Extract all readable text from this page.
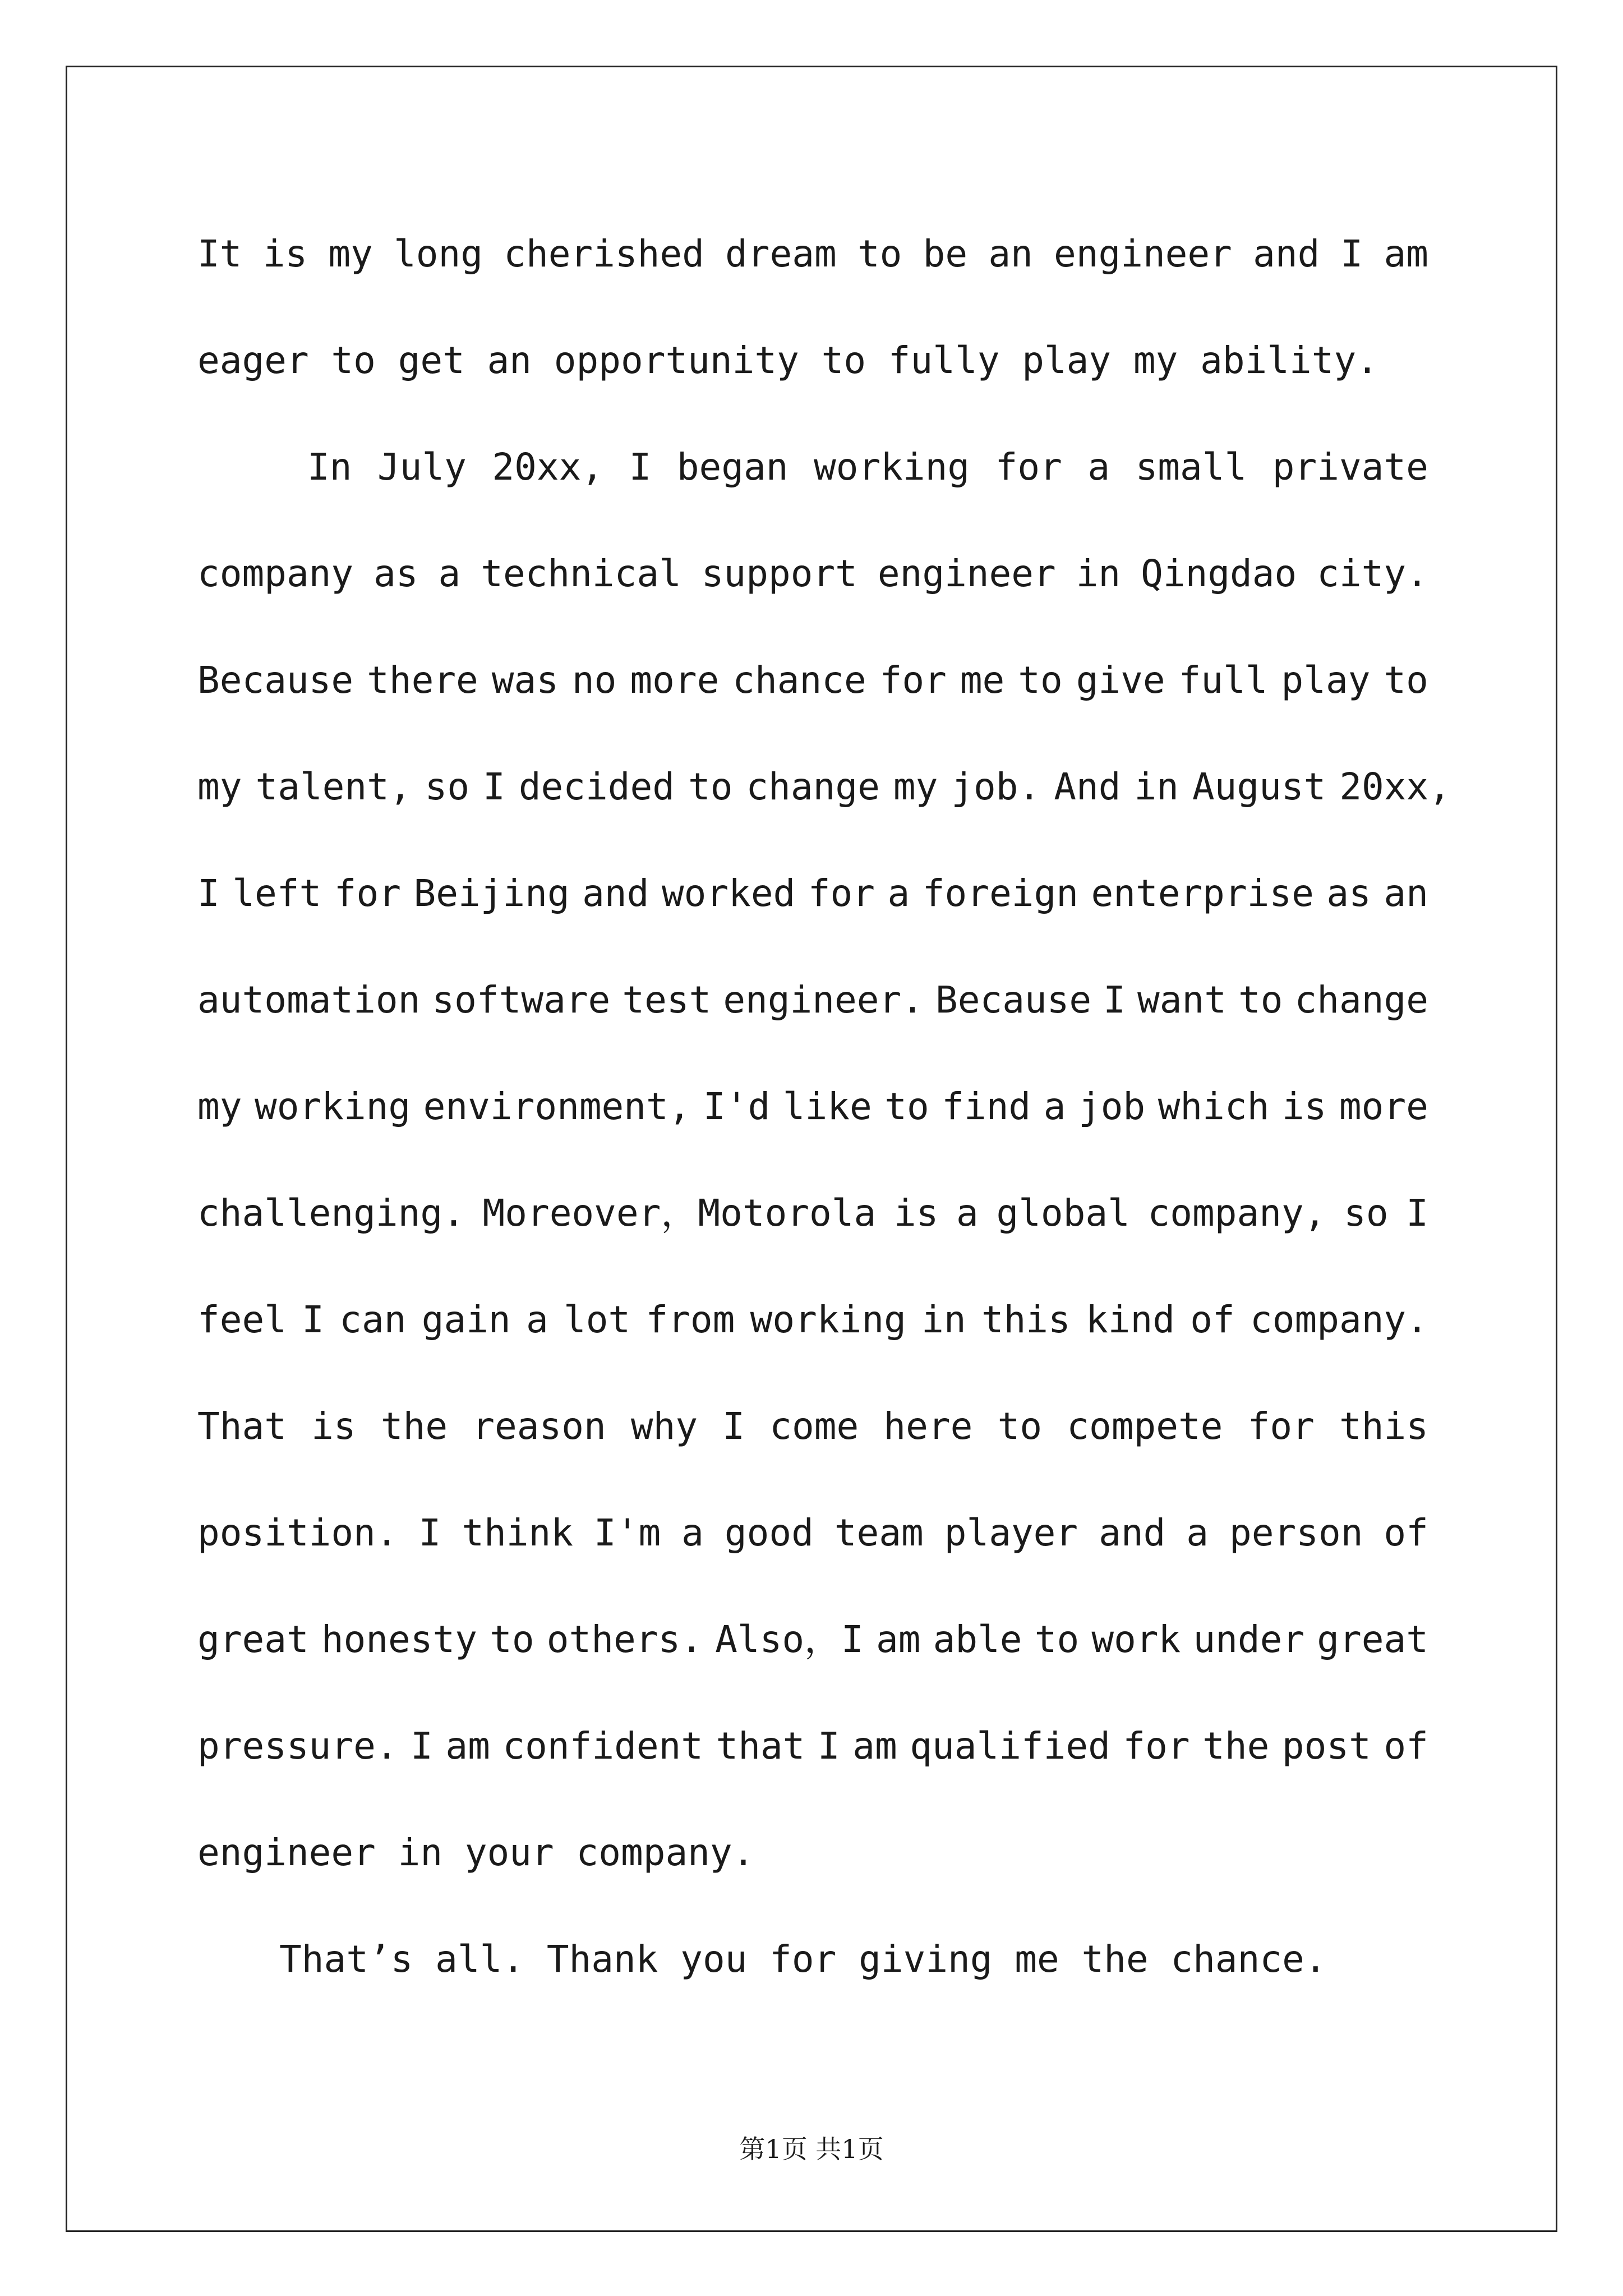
It is my long cherished dream to be an engineer and I am
eager to get an opportunity to fully play my ability.
In July 20xx, I began working for a small private
company as a technical support engineer in Qingdao city.
Because there was no more chance for me to give full play to
my talent, so I decided to change my job. And in August 20xx,
I left for Beijing and worked for a foreign enterprise as an
automation software test engineer. Because I want to change
my working environment, I'd like to find a job which is more
challenging. Moreover，Motorola is a global company, so I
feel I can gain a lot from working in this kind of company.
That is the reason why I come here to compete for this
position. I think I'm a good team player and a person of
great honesty to others. Also，I am able to work under great
pressure. I am confident that I am qualified for the post of
engineer in your company.
That’s all. Thank you for giving me the chance.
第1页 共1页
